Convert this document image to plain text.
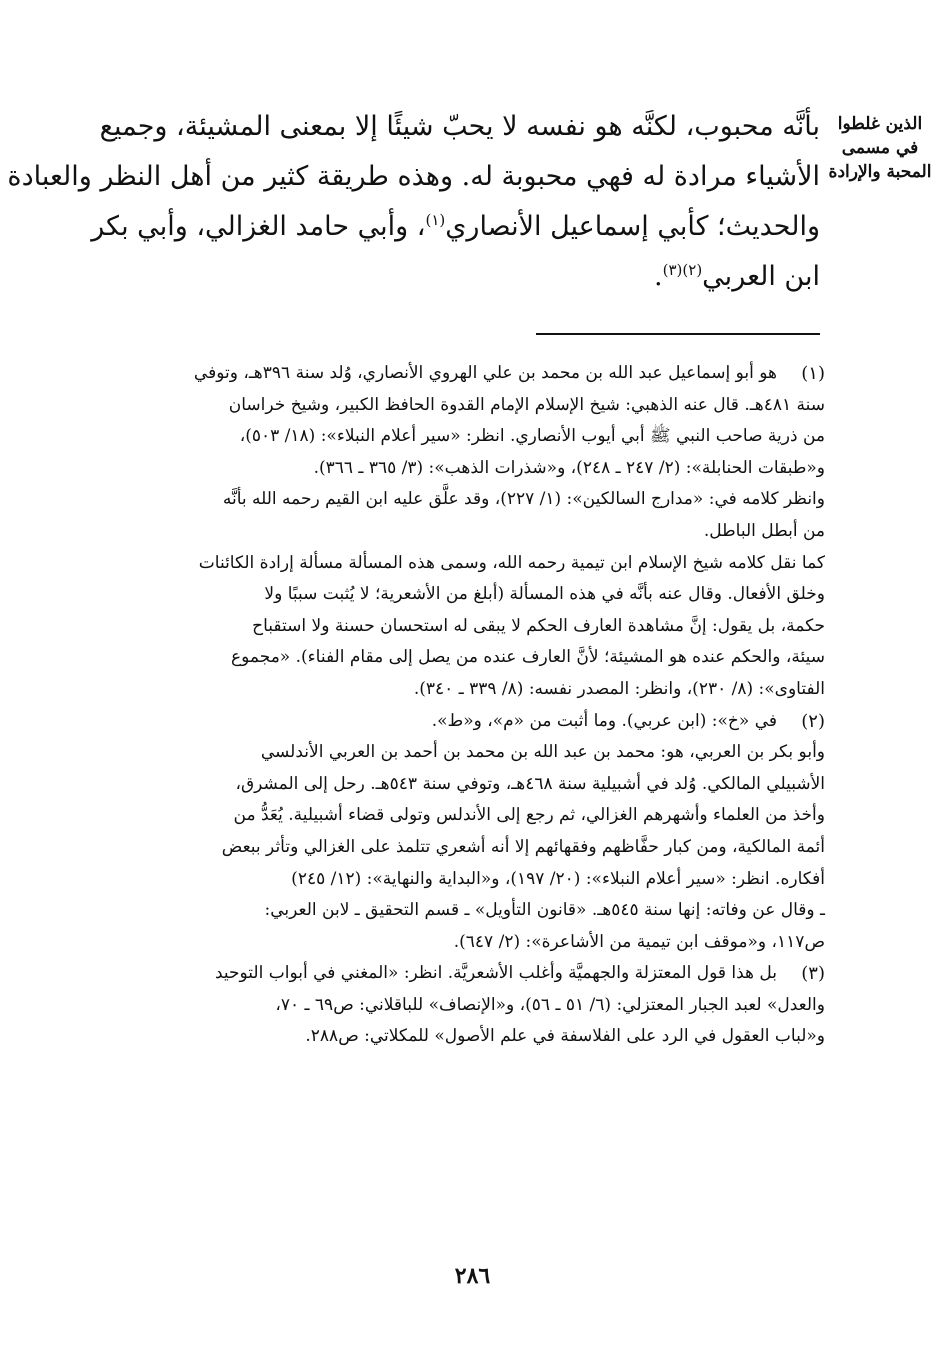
الذين غلطوا
في مسمى
المحبة والإرادة
بأنَّه محبوب، لكنَّه هو نفسه لا يحبّ شيئًا إلا بمعنى المشيئة، وجميع
الأشياء مرادة له فهي محبوبة له. وهذه طريقة كثير من أهل النظر والعبادة
والحديث؛ كأبي إسماعيل الأنصاري$^{(١)}$، وأبي حامد الغزالي، وأبي بكر
ابن العربي$^{(٢)(٣)}$.
(١)
هو أبو إسماعيل عبد الله بن محمد بن علي الهروي الأنصاري، وُلد سنة ٣٩٦هـ، وتوفي
سنة ٤٨١هـ. قال عنه الذهبي: شيخ الإسلام الإمام القدوة الحافظ الكبير، وشيخ خراسان
من ذرية صاحب النبي ﷺ أبي أيوب الأنصاري. انظر: «سير أعلام النبلاء»: (١٨/ ٥٠٣)،
و«طبقات الحنابلة»: (٢/ ٢٤٧ ـ ٢٤٨)، و«شذرات الذهب»: (٣/ ٣٦٥ ـ ٣٦٦).
وانظر كلامه في: «مدارج السالكين»: (١/ ٢٢٧)، وقد علَّق عليه ابن القيم رحمه الله بأنَّه
من أبطل الباطل.
كما نقل كلامه شيخ الإسلام ابن تيمية رحمه الله، وسمى هذه المسألة مسألة إرادة الكائنات
وخلق الأفعال. وقال عنه بأنَّه في هذه المسألة (أبلغ من الأشعرية؛ لا يُثبت سببًا ولا
حكمة، بل يقول: إنَّ مشاهدة العارف الحكم لا يبقى له استحسان حسنة ولا استقباح
سيئة، والحكم عنده هو المشيئة؛ لأنَّ العارف عنده من يصل إلى مقام الفناء). «مجموع
الفتاوى»: (٨/ ٢٣٠)، وانظر: المصدر نفسه: (٨/ ٣٣٩ ـ ٣٤٠).
(٢)
في «خ»: (ابن عربي). وما أثبت من «م»، و«ط».
وأبو بكر بن العربي، هو: محمد بن عبد الله بن محمد بن أحمد بن العربي الأندلسي
الأشبيلي المالكي. وُلد في أشبيلية سنة ٤٦٨هـ، وتوفي سنة ٥٤٣هـ. رحل إلى المشرق،
وأخذ من العلماء وأشهرهم الغزالي، ثم رجع إلى الأندلس وتولى قضاء أشبيلية. يُعَدُّ من
أئمة المالكية، ومن كبار حفَّاظهم وفقهائهم إلا أنه أشعري تتلمذ على الغزالي وتأثر ببعض
أفكاره. انظر: «سير أعلام النبلاء»: (٢٠/ ١٩٧)، و«البداية والنهاية»: (١٢/ ٢٤٥)
ـ وقال عن وفاته: إنها سنة ٥٤٥هـ. «قانون التأويل» ـ قسم التحقيق ـ لابن العربي:
ص١١٧، و«موقف ابن تيمية من الأشاعرة»: (٢/ ٦٤٧).
(٣)
بل هذا قول المعتزلة والجهميَّة وأغلب الأشعريَّة. انظر: «المغني في أبواب التوحيد
والعدل» لعبد الجبار المعتزلي: (٦/ ٥١ ـ ٥٦)، و«الإنصاف» للباقلاني: ص٦٩ ـ ٧٠،
و«لباب العقول في الرد على الفلاسفة في علم الأصول» للمكلاتي: ص٢٨٨.
٢٨٦
